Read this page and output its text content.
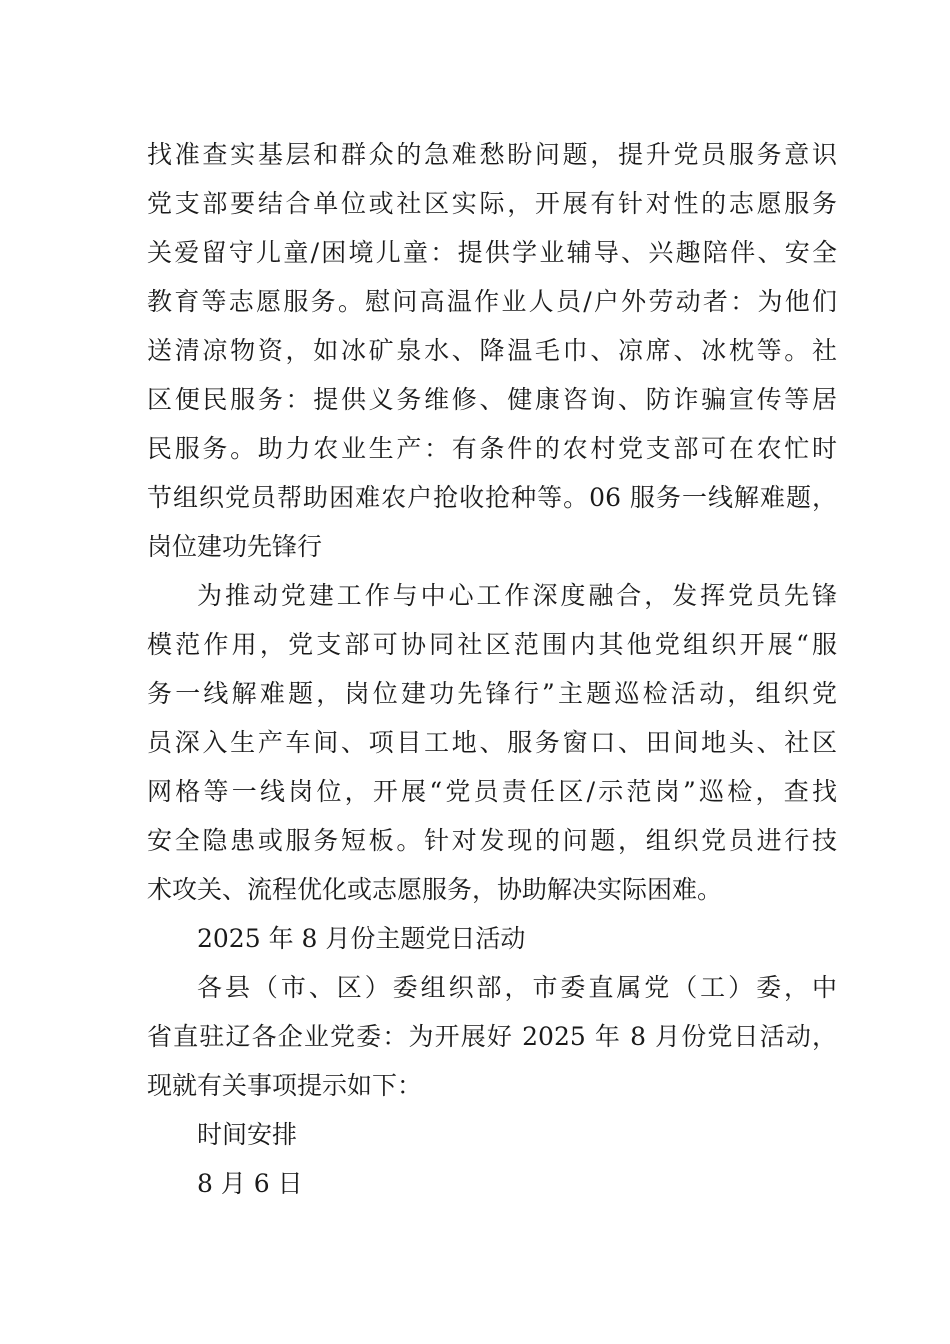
找准查实基层和群众的急难愁盼问题，提升党员服务意识
党支部要结合单位或社区实际，开展有针对性的志愿服务
关爱留守儿童/困境儿童：提供学业辅导、兴趣陪伴、安全
教育等志愿服务。慰问高温作业人员/户外劳动者：为他们
送清凉物资，如冰矿泉水、降温毛巾、凉席、冰枕等。社
区便民服务：提供义务维修、健康咨询、防诈骗宣传等居
民服务。助力农业生产：有条件的农村党支部可在农忙时
节组织党员帮助困难农户抢收抢种等。06 服务一线解难题，
岗位建功先锋行
为推动党建工作与中心工作深度融合，发挥党员先锋
模范作用，党支部可协同社区范围内其他党组织开展“服
务一线解难题，岗位建功先锋行”主题巡检活动，组织党
员深入生产车间、项目工地、服务窗口、田间地头、社区
网格等一线岗位，开展“党员责任区/示范岗”巡检，查找
安全隐患或服务短板。针对发现的问题，组织党员进行技
术攻关、流程优化或志愿服务，协助解决实际困难。
2025 年 8 月份主题党日活动
各县（市、区）委组织部，市委直属党（工）委，中
省直驻辽各企业党委：为开展好 2025 年 8 月份党日活动，
现就有关事项提示如下：
时间安排
8 月 6 日
